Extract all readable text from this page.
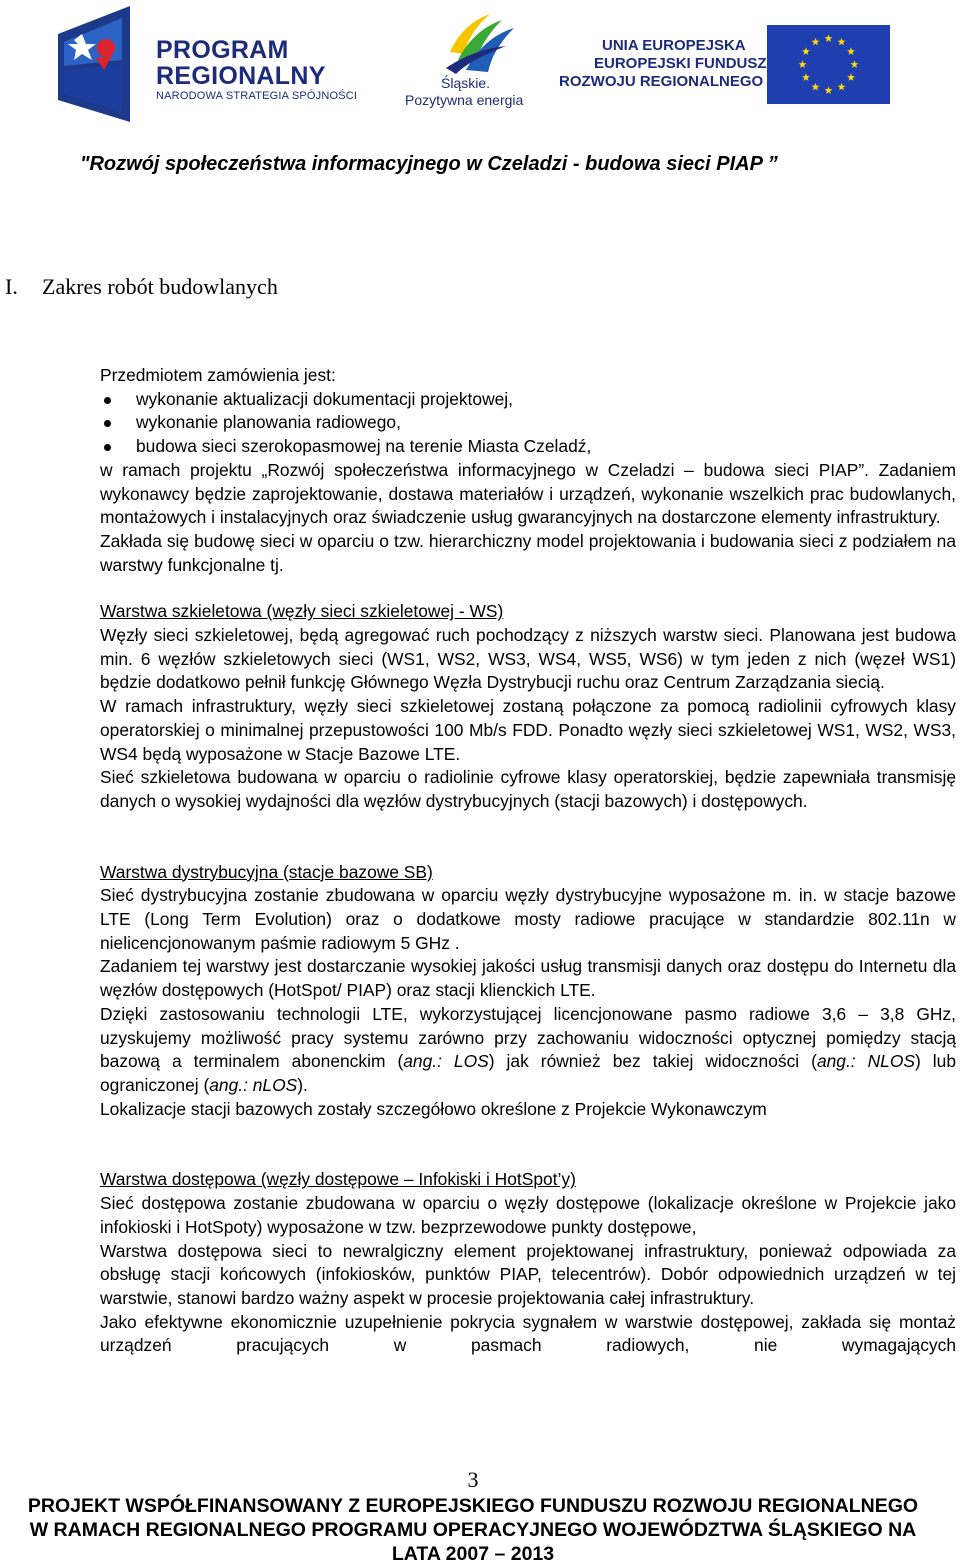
PROGRAM
REGIONALNY
NARODOWA STRATEGIA SPÓJNOŚCI
Śląskie.
Pozytywna energia
UNIA EUROPEJSKA
EUROPEJSKI FUNDUSZ
ROZWOJU REGIONALNEGO
"Rozwój społeczeństwa informacyjnego w Czeladzi - budowa sieci PIAP ”
I. Zakres robót budowlanych

Przedmiotem zamówienia jest:

wykonanie aktualizacji dokumentacji projektowej,
wykonanie planowania radiowego,
budowa sieci szerokopasmowej na terenie Miasta Czeladź,

w ramach projektu „Rozwój społeczeństwa informacyjnego w Czeladzi – budowa sieci PIAP”. Zadaniem wykonawcy będzie zaprojektowanie, dostawa materiałów i urządzeń, wykonanie wszelkich prac budowlanych, montażowych i instalacyjnych oraz świadczenie usług gwarancyjnych na dostarczone elementy infrastruktury.

Zakłada się budowę sieci w oparciu o tzw. hierarchiczny model projektowania i budowania sieci z podziałem na warstwy funkcjonalne tj.

Warstwa szkieletowa (węzły sieci szkieletowej - WS)

Węzły sieci szkieletowej, będą agregować ruch pochodzący z niższych warstw sieci. Planowana jest budowa min. 6 węzłów szkieletowych sieci (WS1, WS2, WS3, WS4, WS5, WS6) w tym jeden z nich (węzeł WS1) będzie dodatkowo pełnił funkcję Głównego Węzła Dystrybucji ruchu oraz Centrum Zarządzania siecią.

W ramach infrastruktury, węzły sieci szkieletowej zostaną połączone za pomocą radiolinii cyfrowych klasy operatorskiej o minimalnej przepustowości 100 Mb/s FDD. Ponadto węzły sieci szkieletowej WS1, WS2, WS3, WS4 będą wyposażone w Stacje Bazowe LTE.

Sieć szkieletowa budowana w oparciu o radiolinie cyfrowe klasy operatorskiej, będzie zapewniała transmisję danych o wysokiej wydajności dla węzłów dystrybucyjnych (stacji bazowych) i dostępowych.

Warstwa dystrybucyjna (stacje bazowe SB)

Sieć dystrybucyjna zostanie zbudowana w oparciu węzły dystrybucyjne wyposażone m. in. w stacje bazowe LTE (Long Term Evolution) oraz o dodatkowe mosty radiowe pracujące w standardzie 802.11n w nielicencjonowanym paśmie radiowym 5 GHz .

Zadaniem tej warstwy jest dostarczanie wysokiej jakości usług transmisji danych oraz dostępu do Internetu dla węzłów dostępowych (HotSpot/ PIAP) oraz stacji klienckich LTE.

Dzięki zastosowaniu technologii LTE, wykorzystującej licencjonowane pasmo radiowe 3,6 – 3,8 GHz, uzyskujemy możliwość pracy systemu zarówno przy zachowaniu widoczności optycznej pomiędzy stacją bazową a terminalem abonenckim (ang.: LOS) jak również bez takiej widoczności (ang.: NLOS) lub ograniczonej (ang.: nLOS).

Lokalizacje stacji bazowych zostały szczegółowo określone z Projekcie Wykonawczym

Warstwa dostępowa (węzły dostępowe – Infokiski i HotSpot’y)

Sieć dostępowa zostanie zbudowana w oparciu o węzły dostępowe (lokalizacje określone w Projekcie jako infokioski i HotSpoty) wyposażone w tzw. bezprzewodowe punkty dostępowe,

Warstwa dostępowa sieci to newralgiczny element projektowanej infrastruktury, ponieważ odpowiada za obsługę stacji końcowych (infokiosków, punktów PIAP, telecentrów). Dobór odpowiednich urządzeń w tej warstwie, stanowi bardzo ważny aspekt w procesie projektowania całej infrastruktury.

Jako efektywne ekonomicznie uzupełnienie pokrycia sygnałem w warstwie dostępowej, zakłada się montaż urządzeń pracujących w pasmach radiowych, nie wymagających

3
PROJEKT WSPÓŁFINANSOWANY Z EUROPEJSKIEGO FUNDUSZU ROZWOJU REGIONALNEGO
W RAMACH REGIONALNEGO PROGRAMU OPERACYJNEGO WOJEWÓDZTWA ŚLĄSKIEGO NA
LATA 2007 – 2013
